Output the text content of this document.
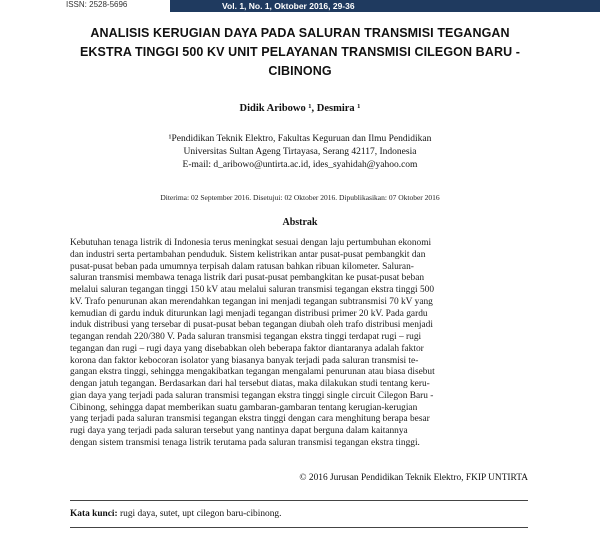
ISSN: 2528-5696	Vol. 1, No. 1, Oktober 2016, 29-36
ANALISIS KERUGIAN DAYA PADA SALURAN TRANSMISI TEGANGAN
EKSTRA TINGGI 500 KV UNIT PELAYANAN TRANSMISI CILEGON BARU -
CIBINONG
Didik Aribowo ¹, Desmira ¹
¹Pendidikan Teknik Elektro, Fakultas Keguruan dan Ilmu Pendidikan
Universitas Sultan Ageng Tirtayasa, Serang 42117, Indonesia
E-mail: d_aribowo@untirta.ac.id, ides_syahidah@yahoo.com
Diterima: 02 September 2016. Disetujui: 02 Oktober 2016. Dipublikasikan: 07 Oktober 2016
Abstrak
Kebutuhan tenaga listrik di Indonesia terus meningkat sesuai dengan laju pertumbuhan ekonomi
dan industri serta pertambahan penduduk. Sistem kelistrikan antar pusat-pusat pembangkit dan
pusat-pusat beban pada umumnya terpisah dalam ratusan bahkan ribuan kilometer. Saluran-
saluran transmisi membawa tenaga listrik dari pusat-pusat pembangkitan ke pusat-pusat beban
melalui saluran tegangan tinggi 150 kV atau melalui saluran transmisi tegangan ekstra tinggi 500
kV. Trafo penurunan akan merendahkan tegangan ini menjadi tegangan subtransmisi 70 kV yang
kemudian di gardu induk diturunkan lagi menjadi tegangan distribusi primer 20 kV. Pada gardu
induk distribusi yang tersebar di pusat-pusat beban tegangan diubah oleh trafo distribusi menjadi
tegangan rendah 220/380 V. Pada saluran transmisi tegangan ekstra tinggi terdapat rugi – rugi
tegangan dan rugi – rugi daya yang disebabkan oleh beberapa faktor diantaranya adalah faktor
korona dan faktor kebocoran isolator yang biasanya banyak terjadi pada saluran transmisi te-
gangan ekstra tinggi, sehingga mengakibatkan tegangan mengalami penurunan atau biasa disebut
dengan jatuh tegangan. Berdasarkan dari hal tersebut diatas, maka dilakukan studi tentang keru-
gian daya yang terjadi pada saluran transmisi tegangan ekstra tinggi single circuit Cilegon Baru -
Cibinong, sehingga dapat memberikan suatu gambaran-gambaran tentang kerugian-kerugian
yang terjadi pada saluran transmisi tegangan ekstra tinggi dengan cara menghitung berapa besar
rugi daya yang terjadi pada saluran tersebut yang nantinya dapat berguna dalam kaitannya
dengan sistem transmisi tenaga listrik terutama pada saluran transmisi tegangan ekstra tinggi.
© 2016 Jurusan Pendidikan Teknik Elektro, FKIP UNTIRTA
Kata kunci: rugi daya, sutet, upt cilegon baru-cibinong.
